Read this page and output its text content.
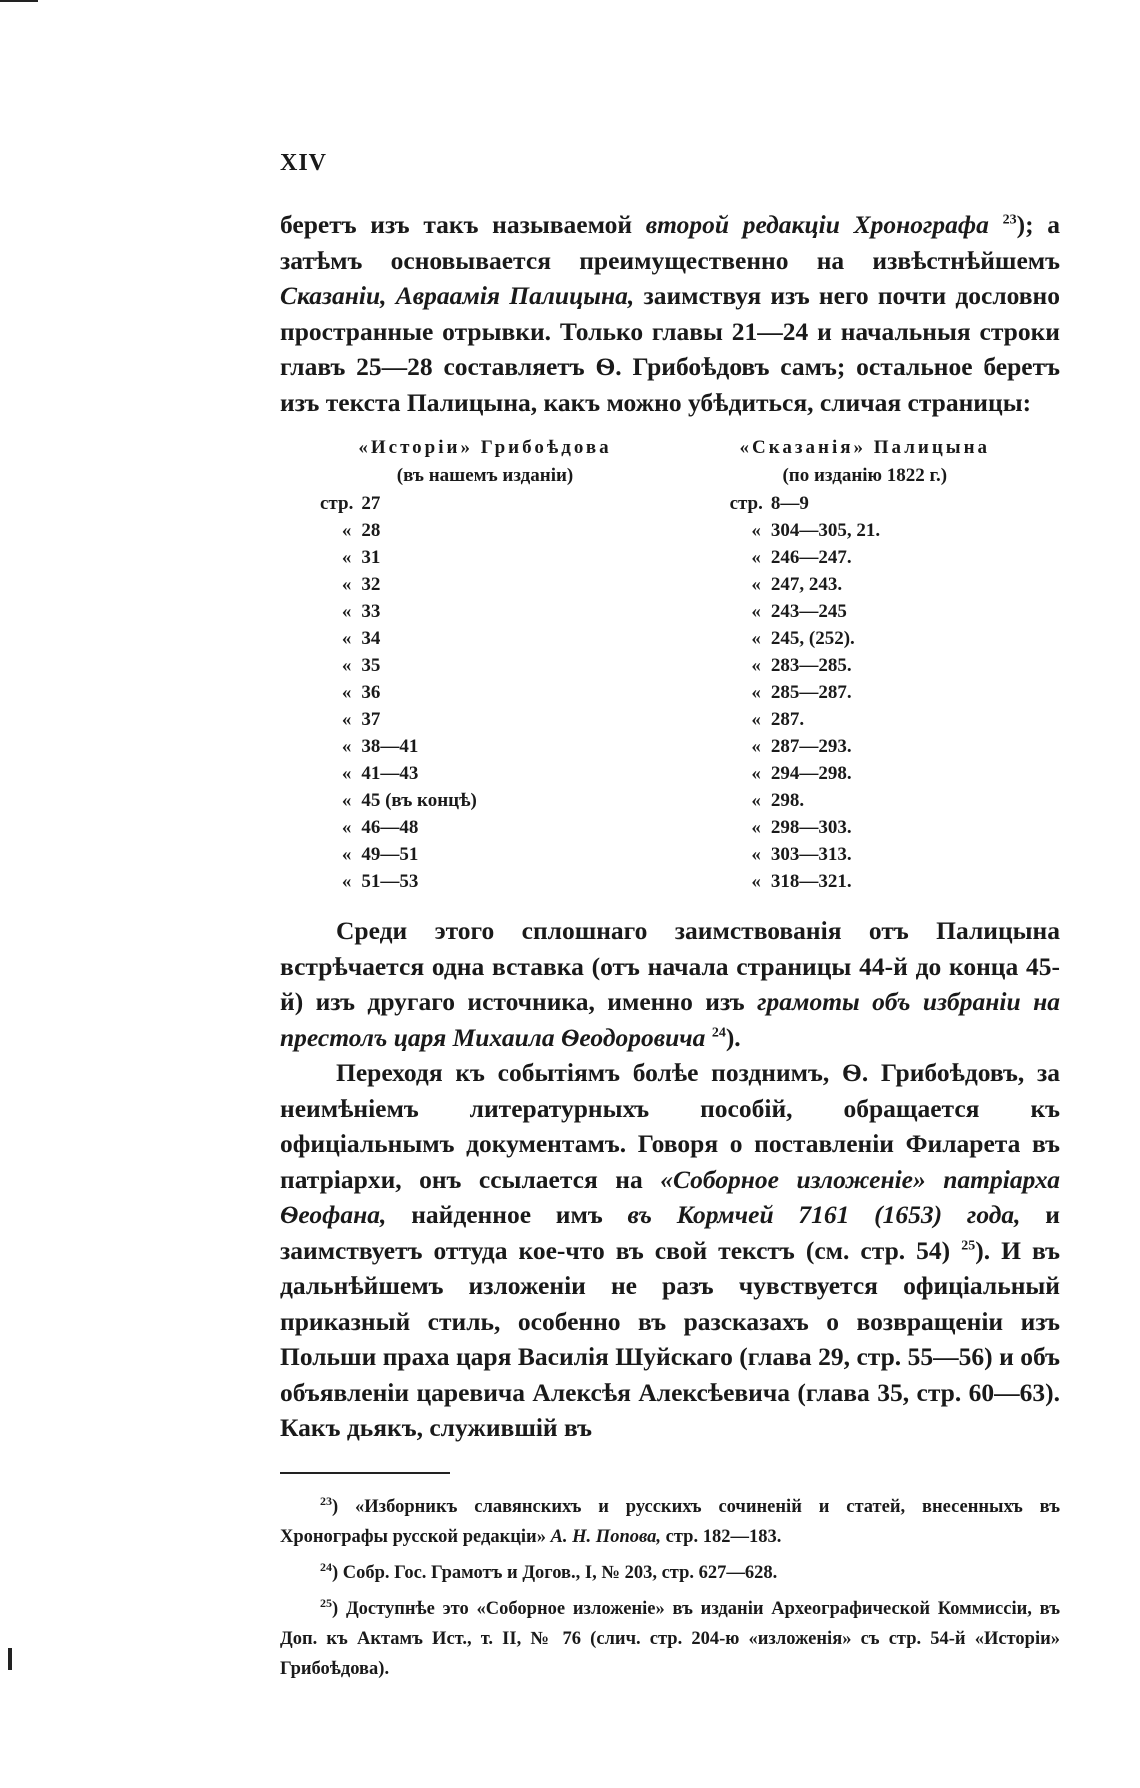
XIV

беретъ изъ такъ называемой второй редакціи Хронографа $^{23}$); а затѣмъ основывается преимущественно на извѣстнѣйшемъ Сказаніи, Авраамія Палицына, заимствуя изъ него почти дословно пространные отрывки. Только главы 21—24 и начальныя строки главъ 25—28 составляетъ Ѳ. Грибоѣдовъ самъ; остальное беретъ изъ текста Палицына, какъ можно убѣдиться, сличая страницы:

«Исторіи» Грибоѣдова				«Сказанія» Палицына		
(въ нашемъ изданіи)				(по изданію 1822 г.)		
стр.	27			стр.	8—9	
«	28			«	304—305, 21.	
«	31			«	246—247.	
«	32			«	247, 243.	
«	33			«	243—245	
«	34			«	245, (252).	
«	35			«	283—285.	
«	36			«	285—287.	
«	37			«	287.	
«	38—41			«	287—293.	
«	41—43			«	294—298.	
«	45 (въ концѣ)			«	298.	
«	46—48			«	298—303.	
«	49—51			«	303—313.	
«	51—53			«	318—321.	

Среди этого сплошнаго заимствованія отъ Палицына встрѣчается одна вставка (отъ начала страницы 44-й до конца 45-й) изъ другаго источника, именно изъ грамоты объ избраніи на престолъ царя Михаила Ѳеодоровича $^{24}$).

Переходя къ событіямъ болѣе позднимъ, Ѳ. Грибоѣдовъ, за неимѣніемъ литературныхъ пособій, обращается къ офиціальнымъ документамъ. Говоря о поставленіи Филарета въ патріархи, онъ ссылается на «Соборное изложеніе» патріарха Ѳеофана, найденное имъ въ Кормчей 7161 (1653) года, и заимствуетъ оттуда кое-что въ свой текстъ (см. стр. 54) $^{25}$). И въ дальнѣйшемъ изложеніи не разъ чувствуется офиціальный приказный стиль, особенно въ разсказахъ о возвращеніи изъ Польши праха царя Василія Шуйскаго (глава 29, стр. 55—56) и объ объявленіи царевича Алексѣя Алексѣевича (глава 35, стр. 60—63). Какъ дьякъ, служившій въ

$^{23}$) «Изборникъ славянскихъ и русскихъ сочиненій и статей, внесенныхъ въ Хронографы русской редакціи» А. Н. Попова, стр. 182—183.

$^{24}$) Собр. Гос. Грамотъ и Догов., I, № 203, стр. 627—628.

$^{25}$) Доступнѣе это «Соборное изложеніе» въ изданіи Археографической Коммиссіи, въ Доп. къ Актамъ Ист., т. II, № 76 (слич. стр. 204-ю «изложенія» съ стр. 54-й «Исторіи» Грибоѣдова).
